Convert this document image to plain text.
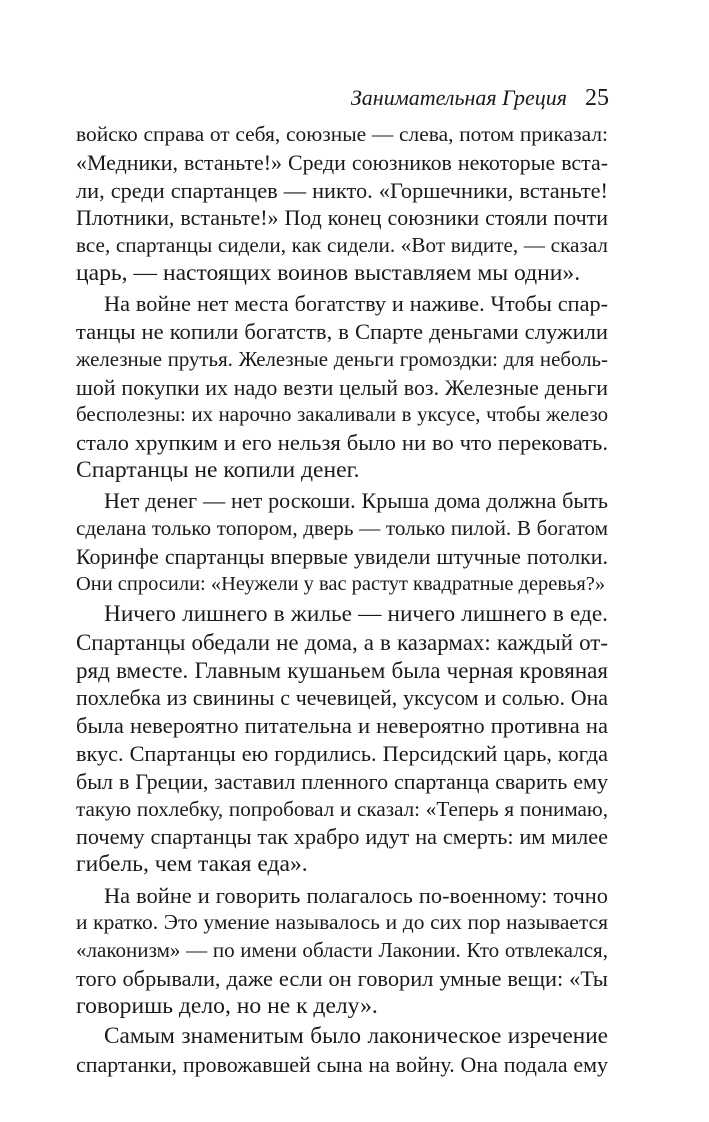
Занимательная Греция 25
войско справа от себя, союзные — слева, потом приказал:
«Медники, встаньте!» Среди союзников некоторые вста-
ли, среди спартанцев — никто. «Горшечники, встаньте!
Плотники, встаньте!» Под конец союзники стояли почти
все, спартанцы сидели, как сидели. «Вот видите, — сказал
царь, — настоящих воинов выставляем мы одни».
На войне нет места богатству и наживе. Чтобы спар-
танцы не копили богатств, в Спарте деньгами служили
железные прутья. Железные деньги громоздки: для неболь-
шой покупки их надо везти целый воз. Железные деньги
бесполезны: их нарочно закаливали в уксусе, чтобы железо
стало хрупким и его нельзя было ни во что перековать.
Спартанцы не копили денег.
Нет денег — нет роскоши. Крыша дома должна быть
сделана только топором, дверь — только пилой. В богатом
Коринфе спартанцы впервые увидели штучные потолки.
Они спросили: «Неужели у вас растут квадратные деревья?»
Ничего лишнего в жилье — ничего лишнего в еде.
Спартанцы обедали не дома, а в казармах: каждый от-
ряд вместе. Главным кушаньем была черная кровяная
похлебка из свинины с чечевицей, уксусом и солью. Она
была невероятно питательна и невероятно противна на
вкус. Спартанцы ею гордились. Персидский царь, когда
был в Греции, заставил пленного спартанца сварить ему
такую похлебку, попробовал и сказал: «Теперь я понимаю,
почему спартанцы так храбро идут на смерть: им милее
гибель, чем такая еда».
На войне и говорить полагалось по-военному: точно
и кратко. Это умение называлось и до сих пор называется
«лаконизм» — по имени области Лаконии. Кто отвлекался,
того обрывали, даже если он говорил умные вещи: «Ты
говоришь дело, но не к делу».
Самым знаменитым было лаконическое изречение
спартанки, провожавшей сына на войну. Она подала ему
